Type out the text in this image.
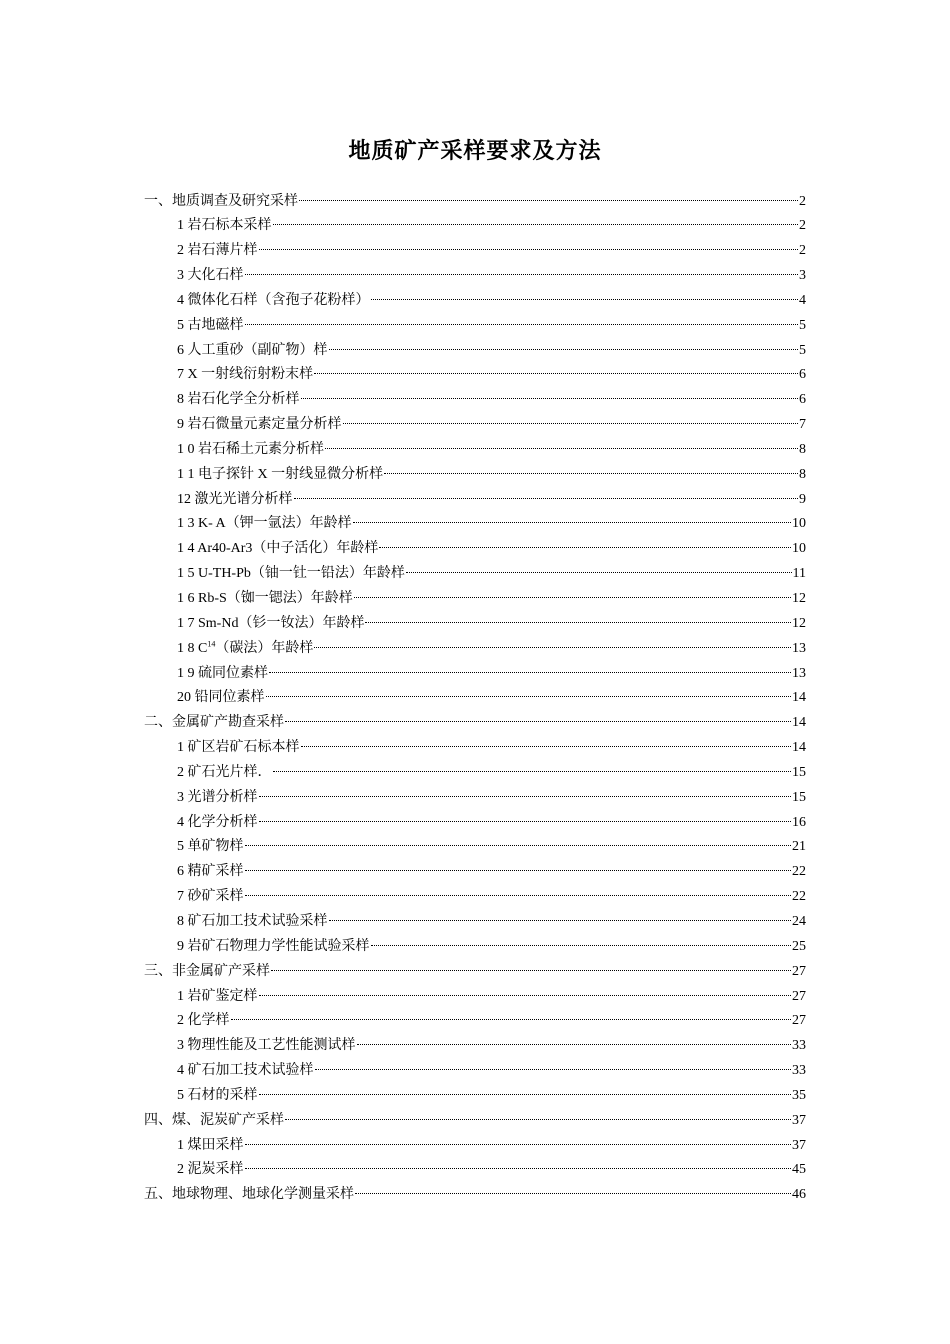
地质矿产采样要求及方法
一、地质调查及研究采样	2
1 岩石标本采样	2
2 岩石薄片样	2
3 大化石样	3
4 微体化石样（含孢子花粉样）	4
5 古地磁样	5
6 人工重砂（副矿物）样	5
7 X 一射线衍射粉末样	6
8 岩石化学全分析样	6
9 岩石微量元素定量分析样	7
1 0 岩石稀土元素分析样	8
1 1 电子探针 X 一射线显微分析样	8
12 激光光谱分析样	9
1 3 K- A（钾一氩法）年龄样	10
1 4 Ar40-Ar3（中子活化）年龄样	10
1 5 U-TH-Pb（铀一钍一铅法）年龄样	11
1 6 Rb-S（铷一锶法）年龄样	12
1 7 Sm-Nd（钐一钕法）年龄样	12
1 8 $C^{14}$（碳法）年龄样	13
1 9 硫同位素样	13
20 铅同位素样	14
二、金属矿产勘查采样	14
1 矿区岩矿石标本样	14
2 矿石光片样．	15
3 光谱分析样	15
4 化学分析样	16
5 单矿物样	21
6 精矿采样	22
7 砂矿采样	22
8 矿石加工技术试验采样	24
9 岩矿石物理力学性能试验采样	25
三、非金属矿产采样	27
1 岩矿鉴定样	27
2 化学样	27
3 物理性能及工艺性能测试样	33
4 矿石加工技术试验样	33
5 石材的采样	35
四、煤、泥炭矿产采样	37
1 煤田采样	37
2 泥炭采样	45
五、地球物理、地球化学测量采样	46
